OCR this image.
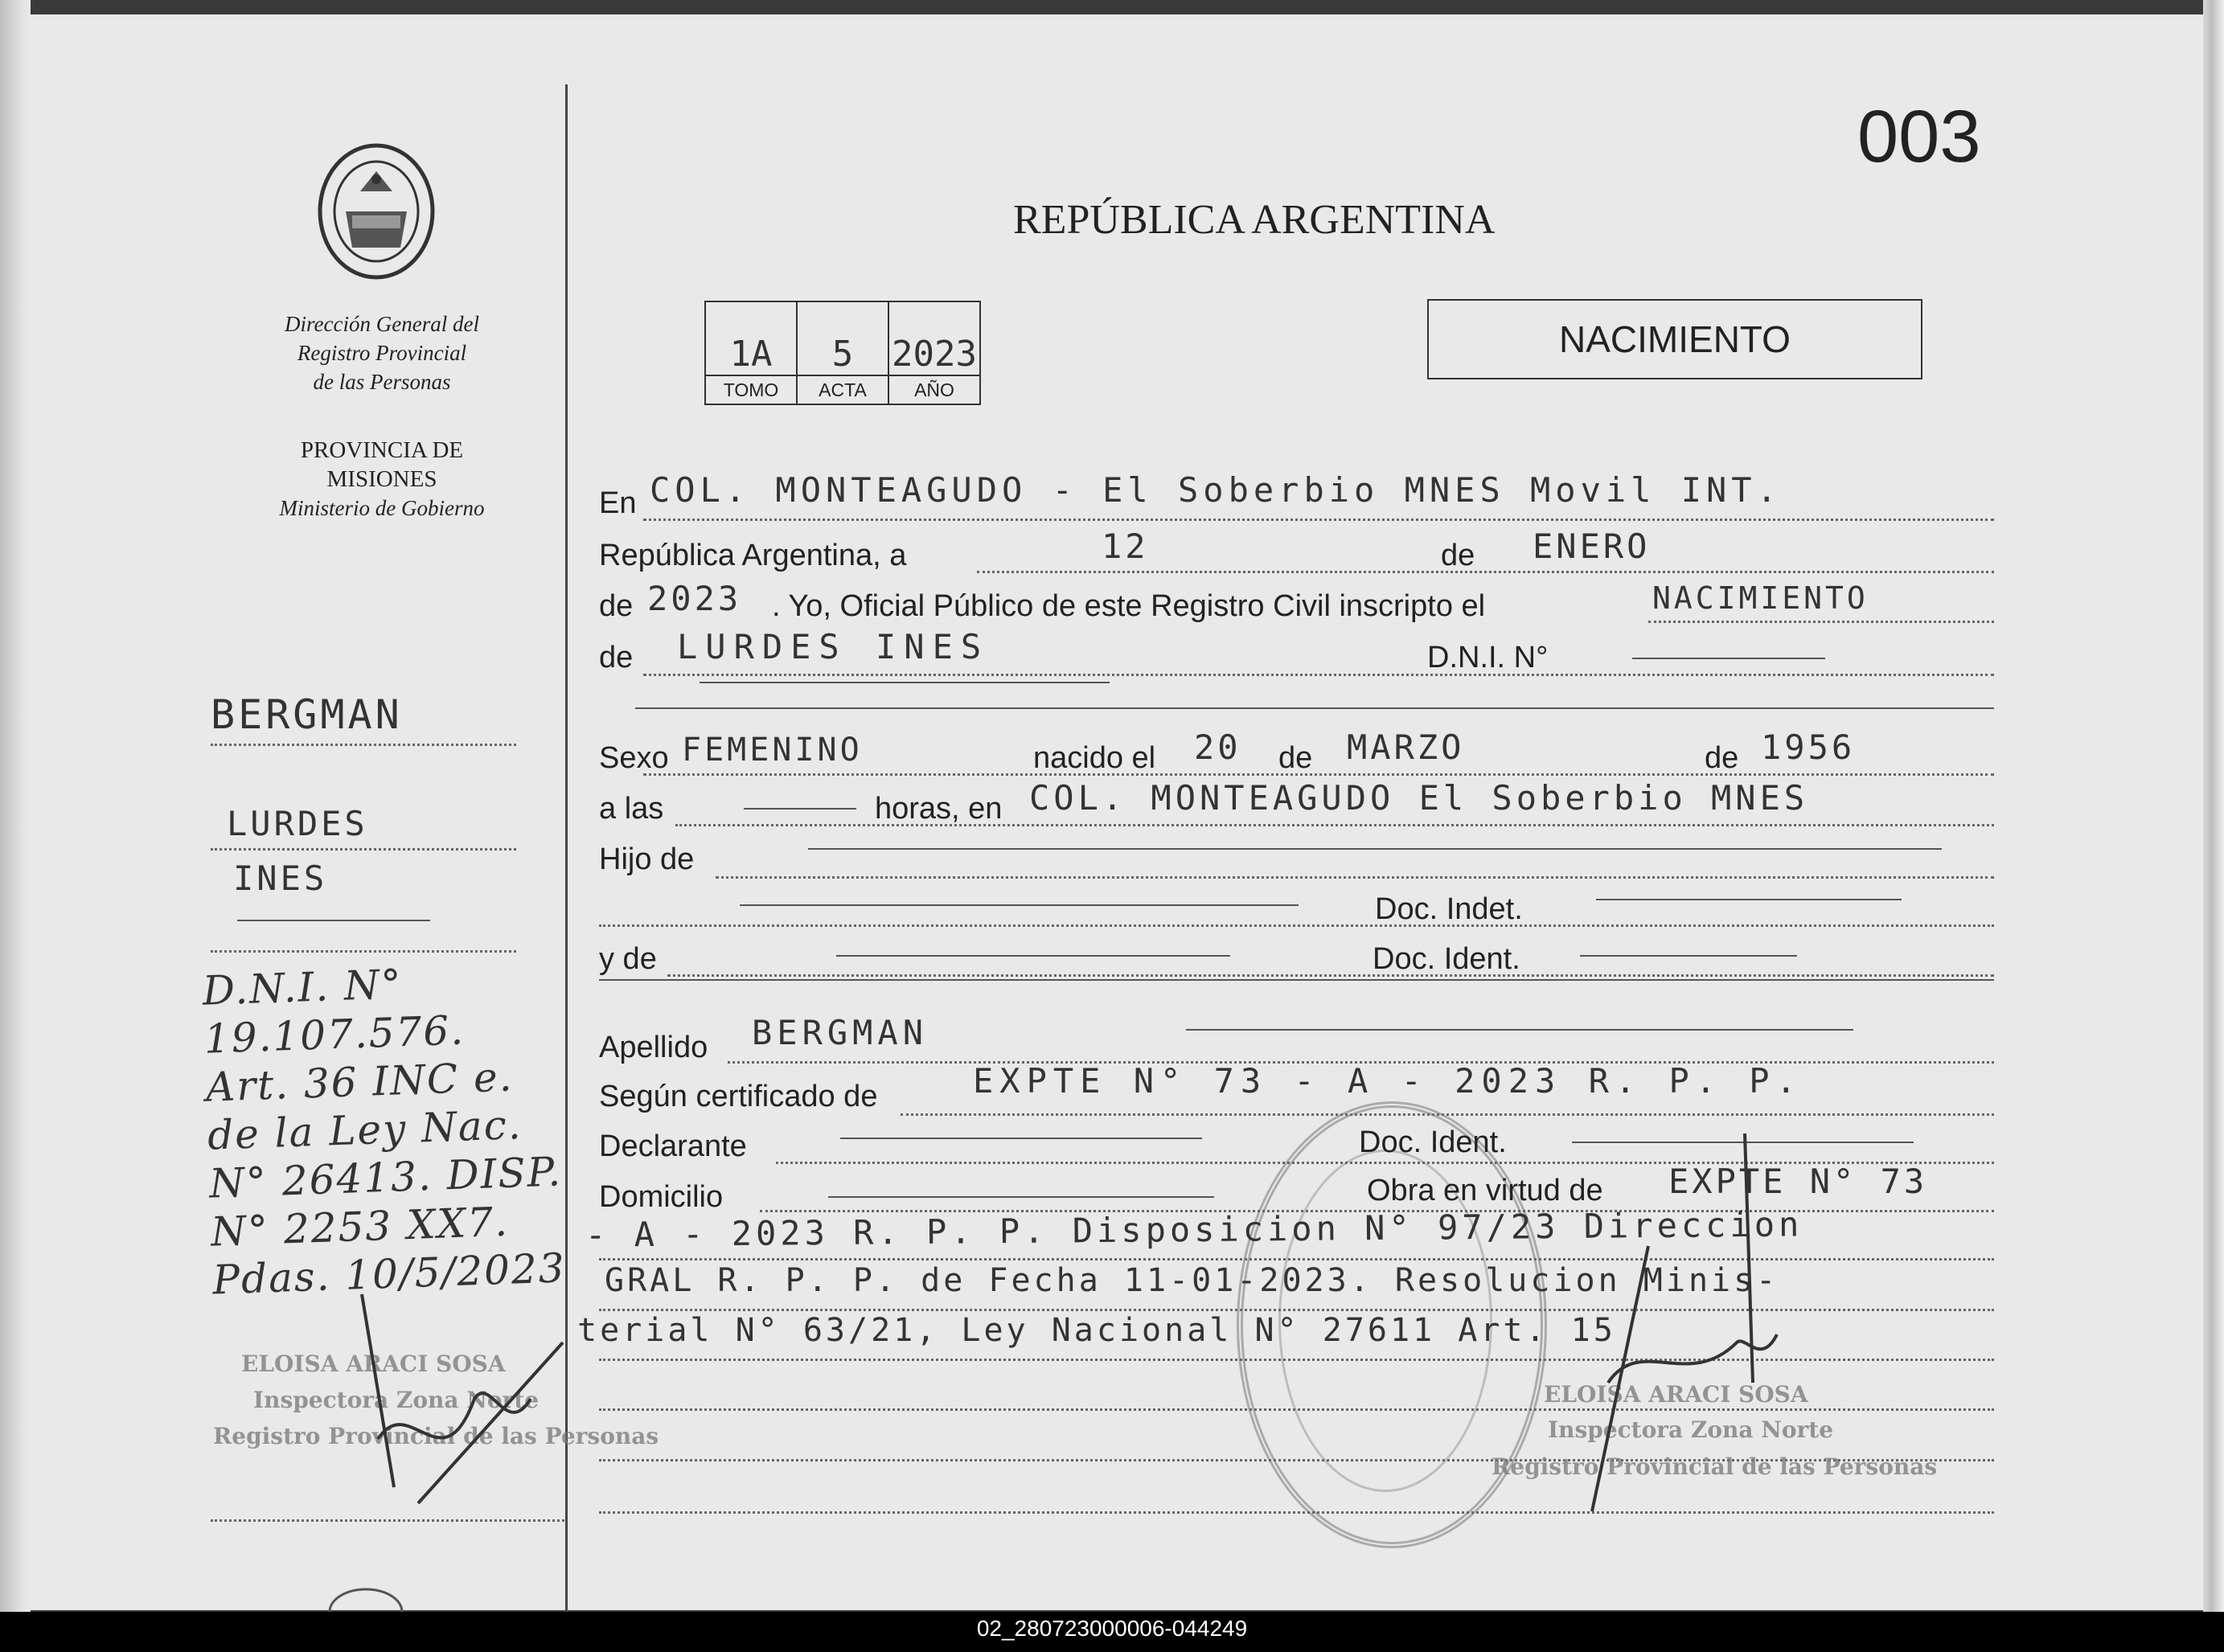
003
Dirección General del
Registro Provincial
de las Personas
PROVINCIA DE
MISIONES
Ministerio de Gobierno
BERGMAN
LURDES
INES
D.N.I. N°
19.107.576.
Art. 36 INC e.
de la Ley Nac.
N° 26413. DISP.
N° 2253 XX7.
Pdas. 10/5/2023
ELOISA ARACI SOSA
Inspectora Zona Norte
Registro Provincial de las Personas
REPÚBLICA ARGENTINA
1A	5	2023
TOMO	ACTA	AÑO
NACIMIENTO
En COL. MONTEAGUDO - El Soberbio MNES Movil INT.
República Argentina, a	12	de ENERO
de 2023 . Yo, Oficial Público de este Registro Civil inscripto el	NACIMIENTO
de LURDES INES	D.N.I. N°
Sexo FEMENINO	nacido el 20 de MARZO	de 1956
a las	horas, en COL. MONTEAGUDO El Soberbio MNES
Hijo de
Doc. Indet.
y de	Doc. Ident.
Apellido BERGMAN
Según certificado de	EXPTE N° 73 - A - 2023 R. P. P.
Declarante	Doc. Ident.
Domicilio	Obra en virtud de EXPTE N° 73
- A - 2023 R. P. P. Disposicion N° 97/23 Direccion
GRAL R. P. P. de Fecha 11-01-2023. Resolucion Minis-
terial N° 63/21, Ley Nacional N° 27611 Art. 15
ELOISA ARACI SOSA
Inspectora Zona Norte
Registro Provincial de las Personas
02_280723000006-044249
